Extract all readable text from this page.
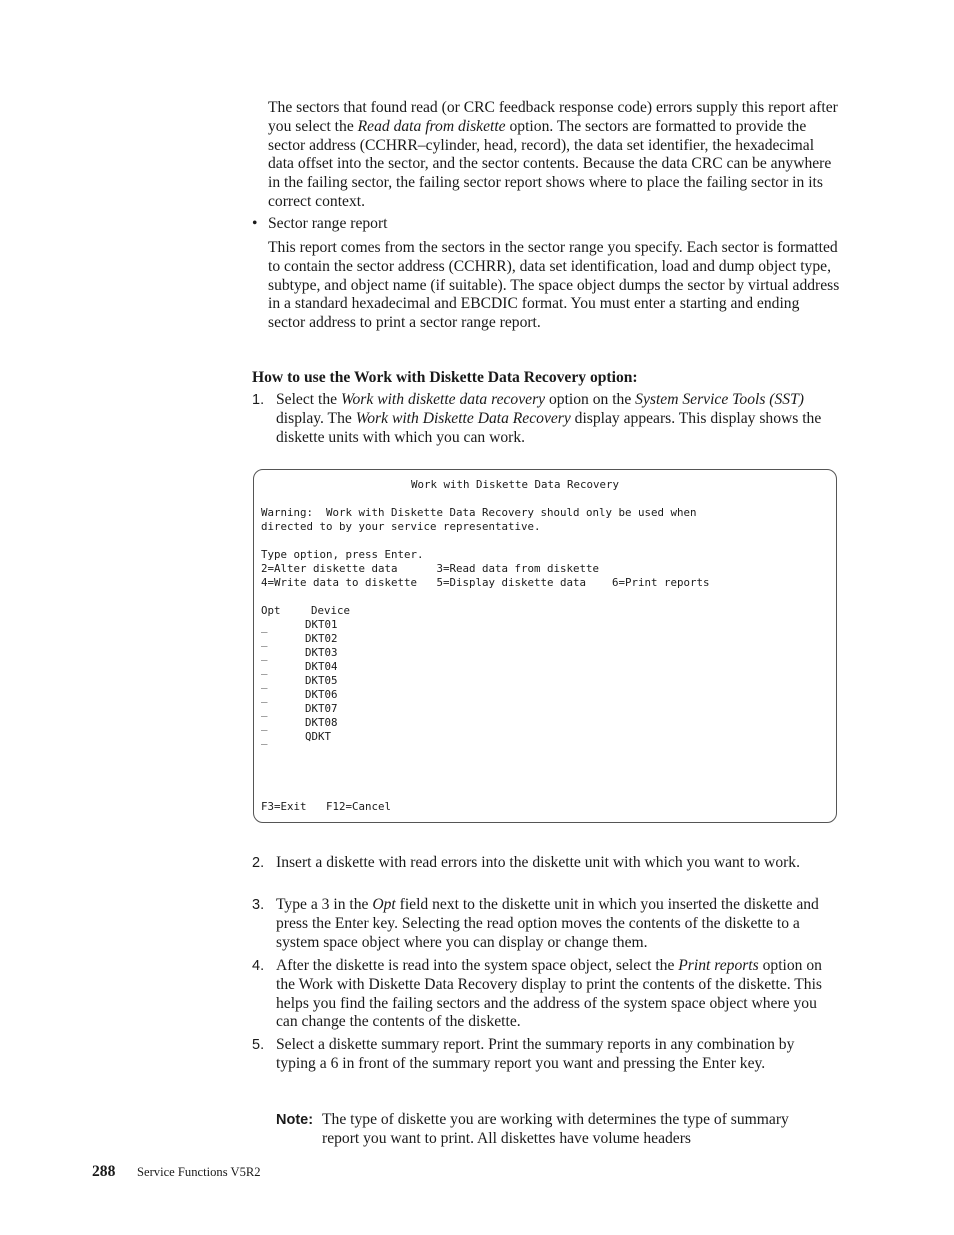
The sectors that found read (or CRC feedback response code) errors supply this report after you select the Read data from diskette option. The sectors are formatted to provide the sector address (CCHRR–cylinder, head, record), the data set identifier, the hexadecimal data offset into the sector, and the sector contents. Because the data CRC can be anywhere in the failing sector, the failing sector report shows where to place the failing sector in its correct context.

• Sector range report

This report comes from the sectors in the sector range you specify. Each sector is formatted to contain the sector address (CCHRR), data set identification, load and dump object type, subtype, and object name (if suitable). The space object dumps the sector by virtual address in a standard hexadecimal and EBCDIC format. You must enter a starting and ending sector address to print a sector range report.

How to use the Work with Diskette Data Recovery option:
1. Select the Work with diskette data recovery option on the System Service Tools (SST) display. The Work with Diskette Data Recovery display appears. This display shows the diskette units with which you can work.

Work with Diskette Data Recovery
Warning:  Work with Diskette Data Recovery should only be used when
directed to by your service representative.
Type option, press Enter.
2=Alter diskette data      3=Read data from diskette
4=Write data to diskette   5=Display diskette data    6=Print reports
Opt	Device
_	DKT01
_	DKT02
_	DKT03
_	DKT04
_	DKT05
_	DKT06
_	DKT07
_	DKT08
_	QDKT
F3=Exit   F12=Cancel
2. Insert a diskette with read errors into the diskette unit with which you want to work.

3. Type a 3 in the Opt field next to the diskette unit in which you inserted the diskette and press the Enter key. Selecting the read option moves the contents of the diskette to a system space object where you can display or change them.

4. After the diskette is read into the system space object, select the Print reports option on the Work with Diskette Data Recovery display to print the contents of the diskette. This helps you find the failing sectors and the address of the system space object where you can change the contents of the diskette.

5. Select a diskette summary report. Print the summary reports in any combination by typing a 6 in front of the summary report you want and pressing the Enter key.

Note: The type of diskette you are working with determines the type of summary report you want to print. All diskettes have volume headers

288 Service Functions V5R2
